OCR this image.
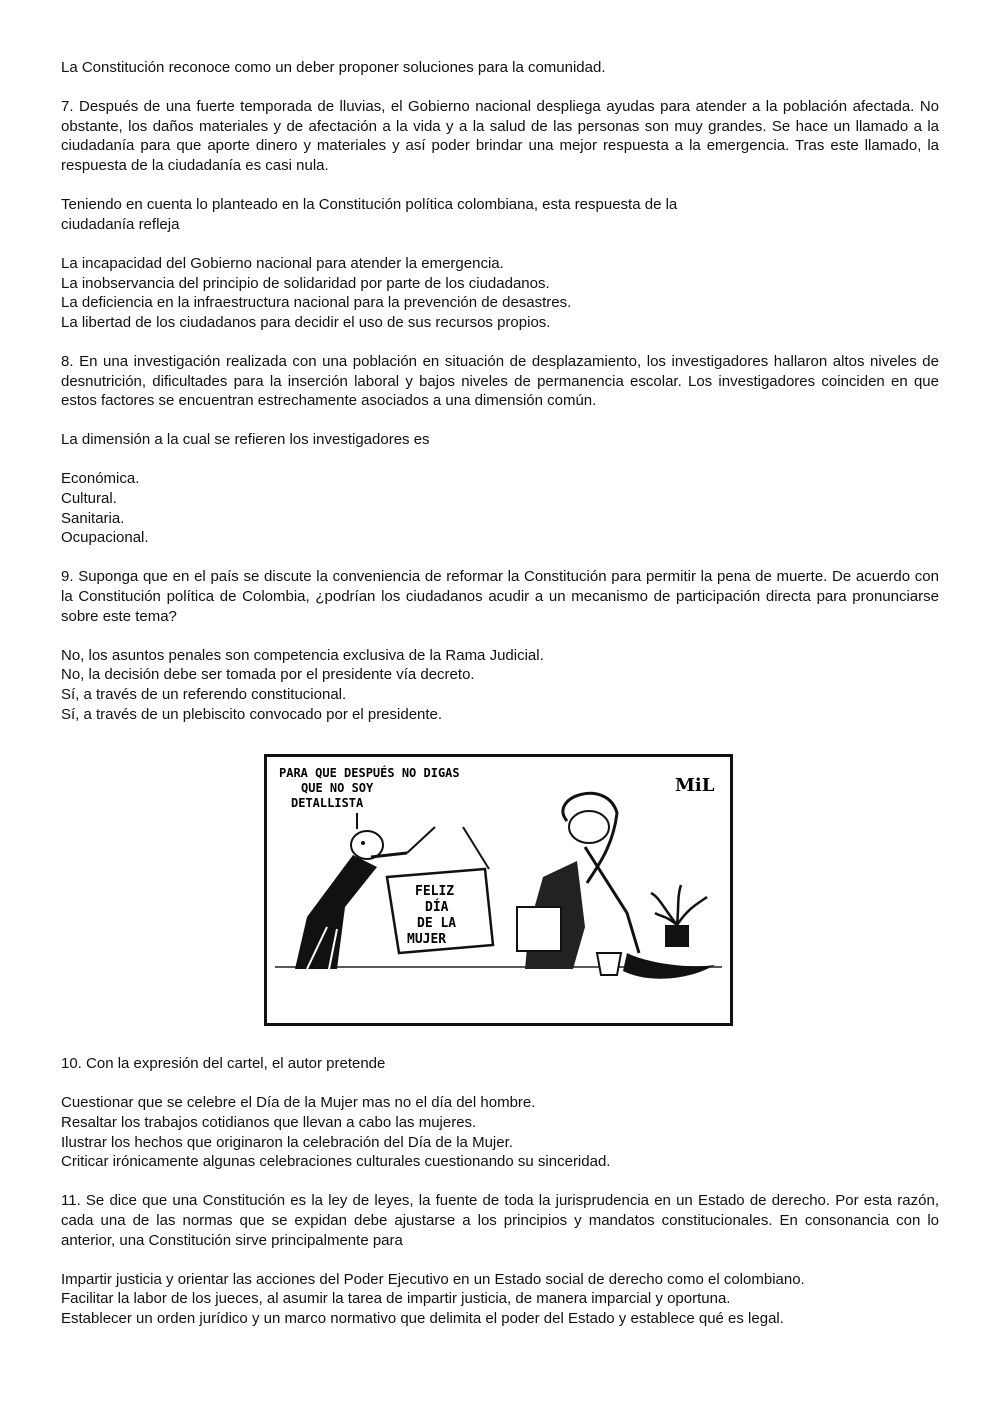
La Constitución reconoce como un deber proponer soluciones para la comunidad.

7. Después de una fuerte temporada de lluvias, el Gobierno nacional despliega ayudas para atender a la población afectada. No obstante, los daños materiales y de afectación a la vida y a la salud de las personas son muy grandes. Se hace un llamado a la ciudadanía para que aporte dinero y materiales y así poder brindar una mejor respuesta a la emergencia. Tras este llamado, la respuesta de la ciudadanía es casi nula.

Teniendo en cuenta lo planteado en la Constitución política colombiana, esta respuesta de la

ciudadanía refleja

La incapacidad del Gobierno nacional para atender la emergencia.

La inobservancia del principio de solidaridad por parte de los ciudadanos.

La deficiencia en la infraestructura nacional para la prevención de desastres.

La libertad de los ciudadanos para decidir el uso de sus recursos propios.

8. En una investigación realizada con una población en situación de desplazamiento, los investigadores hallaron altos niveles de desnutrición, dificultades para la inserción laboral y bajos niveles de permanencia escolar. Los investigadores coinciden en que estos factores se encuentran estrechamente asociados a una dimensión común.

La dimensión a la cual se refieren los investigadores es

Económica.

Cultural.

Sanitaria.

Ocupacional.

9. Suponga que en el país se discute la conveniencia de reformar la Constitución para permitir la pena de muerte. De acuerdo con la Constitución política de Colombia, ¿podrían los ciudadanos acudir a un mecanismo de participación directa para pronunciarse sobre este tema?

No, los asuntos penales son competencia exclusiva de la Rama Judicial.

No, la decisión debe ser tomada por el presidente vía decreto.

Sí, a través de un referendo constitucional.

Sí, a través de un plebiscito convocado por el presidente.

10. Con la expresión del cartel, el autor pretende

Cuestionar que se celebre el Día de la Mujer mas no el día del hombre.

Resaltar los trabajos cotidianos que llevan a cabo las mujeres.

Ilustrar los hechos que originaron la celebración del Día de la Mujer.

Criticar irónicamente algunas celebraciones culturales cuestionando su sinceridad.

11. Se dice que una Constitución es la ley de leyes, la fuente de toda la jurisprudencia en un Estado de derecho. Por esta razón, cada una de las normas que se expidan debe ajustarse a los principios y mandatos constitucionales. En consonancia con lo anterior, una Constitución sirve principalmente para

Impartir justicia y orientar las acciones del Poder Ejecutivo en un Estado social de derecho como el colombiano.

Facilitar la labor de los jueces, al asumir la tarea de impartir justicia, de manera imparcial y oportuna.

Establecer un orden jurídico y un marco normativo que delimita el poder del Estado y establece qué es legal.

PARA QUE DESPUÉS NO DIGAS
QUE NO SOY
DETALLISTA
MiL
FELIZ
DÍA
DE LA
MUJER
